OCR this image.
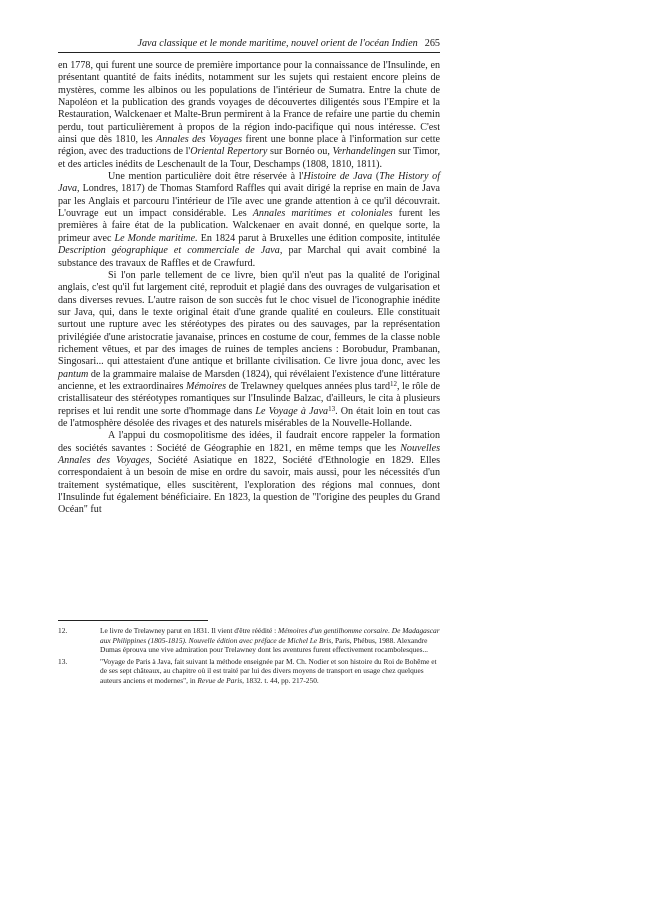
Java classique et le monde maritime, nouvel orient de l'océan Indien 265

en 1778, qui furent une source de première importance pour la connaissance de l'Insulinde, en présentant quantité de faits inédits, notamment sur les sujets qui restaient encore pleins de mystères, comme les albinos ou les populations de l'intérieur de Sumatra. Entre la chute de Napoléon et la publication des grands voyages de découvertes diligentés sous l'Empire et la Restauration, Walckenaer et Malte-Brun permirent à la France de refaire une partie du chemin perdu, tout particulièrement à propos de la région indo-pacifique qui nous intéresse. C'est ainsi que dès 1810, les Annales des Voyages firent une bonne place à l'information sur cette région, avec des traductions de l'Oriental Repertory sur Bornéo ou, Verhandelingen sur Timor, et des articles inédits de Leschenault de la Tour, Deschamps (1808, 1810, 1811).

Une mention particulière doit être réservée à l'Histoire de Java (The History of Java, Londres, 1817) de Thomas Stamford Raffles qui avait dirigé la reprise en main de Java par les Anglais et parcouru l'intérieur de l'île avec une grande attention à ce qu'il découvrait. L'ouvrage eut un impact considérable. Les Annales maritimes et coloniales furent les premières à faire état de la publication. Walckenaer en avait donné, en quelque sorte, la primeur avec Le Monde maritime. En 1824 parut à Bruxelles une édition composite, intitulée Description géographique et commerciale de Java, par Marchal qui avait combiné la substance des travaux de Raffles et de Crawfurd.

Si l'on parle tellement de ce livre, bien qu'il n'eut pas la qualité de l'original anglais, c'est qu'il fut largement cité, reproduit et plagié dans des ouvrages de vulgarisation et dans diverses revues. L'autre raison de son succès fut le choc visuel de l'iconographie inédite sur Java, qui, dans le texte original était d'une grande qualité en couleurs. Elle constituait surtout une rupture avec les stéréotypes des pirates ou des sauvages, par la représentation privilégiée d'une aristocratie javanaise, princes en costume de cour, femmes de la classe noble richement vêtues, et par des images de ruines de temples anciens : Borobudur, Prambanan, Singosari... qui attestaient d'une antique et brillante civilisation. Ce livre joua donc, avec les pantum de la grammaire malaise de Marsden (1824), qui révélaient l'existence d'une littérature ancienne, et les extraordinaires Mémoires de Trelawney quelques années plus tard$^{12}$, le rôle de cristallisateur des stéréotypes romantiques sur l'Insulinde Balzac, d'ailleurs, le cita à plusieurs reprises et lui rendit une sorte d'hommage dans Le Voyage à Java$^{13}$. On était loin en tout cas de l'atmosphère désolée des rivages et des naturels misérables de la Nouvelle-Hollande.

A l'appui du cosmopolitisme des idées, il faudrait encore rappeler la formation des sociétés savantes : Société de Géographie en 1821, en même temps que les Nouvelles Annales des Voyages, Société Asiatique en 1822, Société d'Ethnologie en 1829. Elles correspondaient à un besoin de mise en ordre du savoir, mais aussi, pour les nécessités d'un traitement systématique, elles suscitèrent, l'exploration des régions mal connues, dont l'Insulinde fut également bénéficiaire. En 1823, la question de "l'origine des peuples du Grand Océan" fut

12.	Le livre de Trelawney parut en 1831. Il vient d'être réédité : Mémoires d'un gentilhomme corsaire. De Madagascar aux Philippines (1805-1815). Nouvelle édition avec préface de Michel Le Bris, Paris, Phébus, 1988. Alexandre Dumas éprouva une vive admiration pour Trelawney dont les aventures furent effectivement rocambolesques...
13.	"Voyage de Paris à Java, fait suivant la méthode enseignée par M. Ch. Nodier et son histoire du Roi de Bohême et de ses sept châteaux, au chapitre où il est traité par lui des divers moyens de transport en usage chez quelques auteurs anciens et modernes", in Revue de Paris, 1832. t. 44, pp. 217-250.
